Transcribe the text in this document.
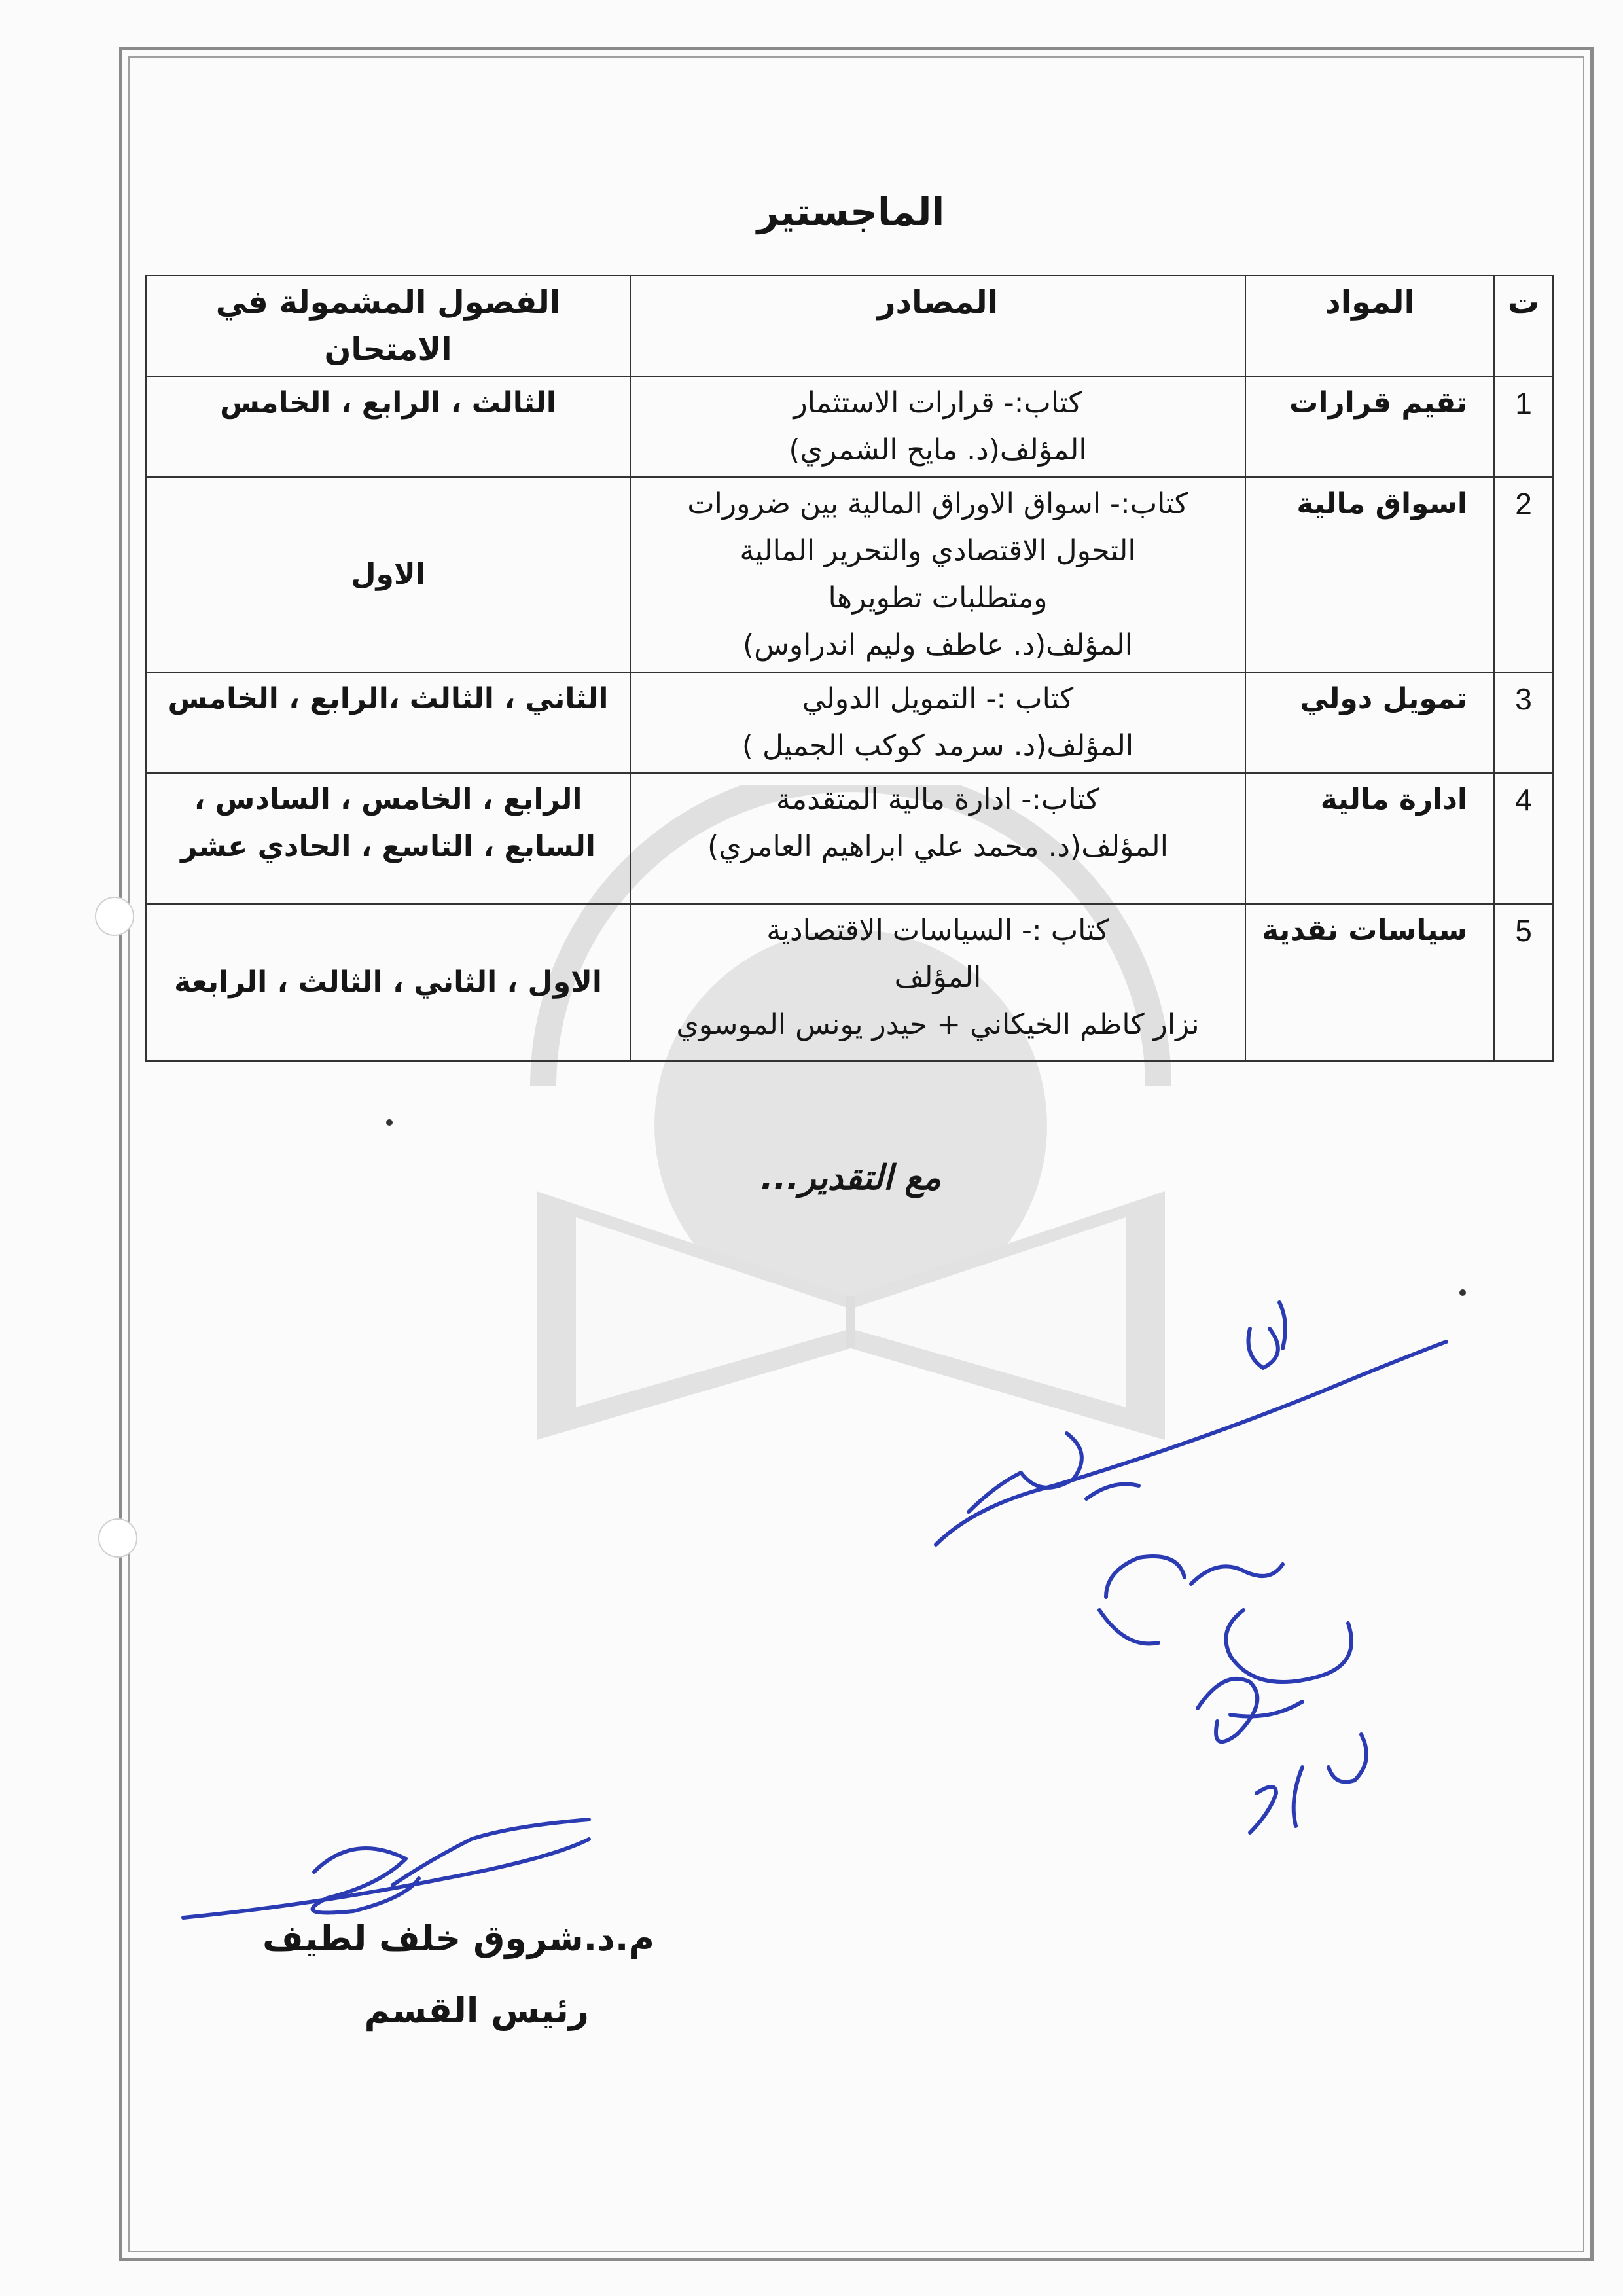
الماجستير
ت	المواد	المصادر	الفصول المشمولة في الامتحان
1	تقيم قرارات	كتاب:- قرارات الاستثمار
المؤلف(د. مايح الشمري)	الثالث ، الرابع ، الخامس
2	اسواق مالية	كتاب:- اسواق الاوراق المالية بين ضرورات
التحول الاقتصادي والتحرير المالية
ومتطلبات تطويرها
المؤلف(د. عاطف وليم اندراوس)	الاول
3	تمويل دولي	كتاب :- التمويل الدولي
المؤلف(د. سرمد كوكب الجميل )	الثاني ، الثالث ،الرابع ، الخامس
4	ادارة مالية	كتاب:- ادارة مالية المتقدمة
المؤلف(د. محمد علي ابراهيم العامري)	الرابع ، الخامس ، السادس ، السابع ، التاسع ، الحادي عشر
5	سياسات نقدية	كتاب :- السياسات الاقتصادية
المؤلف
نزار كاظم الخيكاني + حيدر يونس الموسوي	الاول ، الثاني ، الثالث ، الرابعة
مع التقدير...
م.د.شروق خلف لطيف
رئيس القسم
